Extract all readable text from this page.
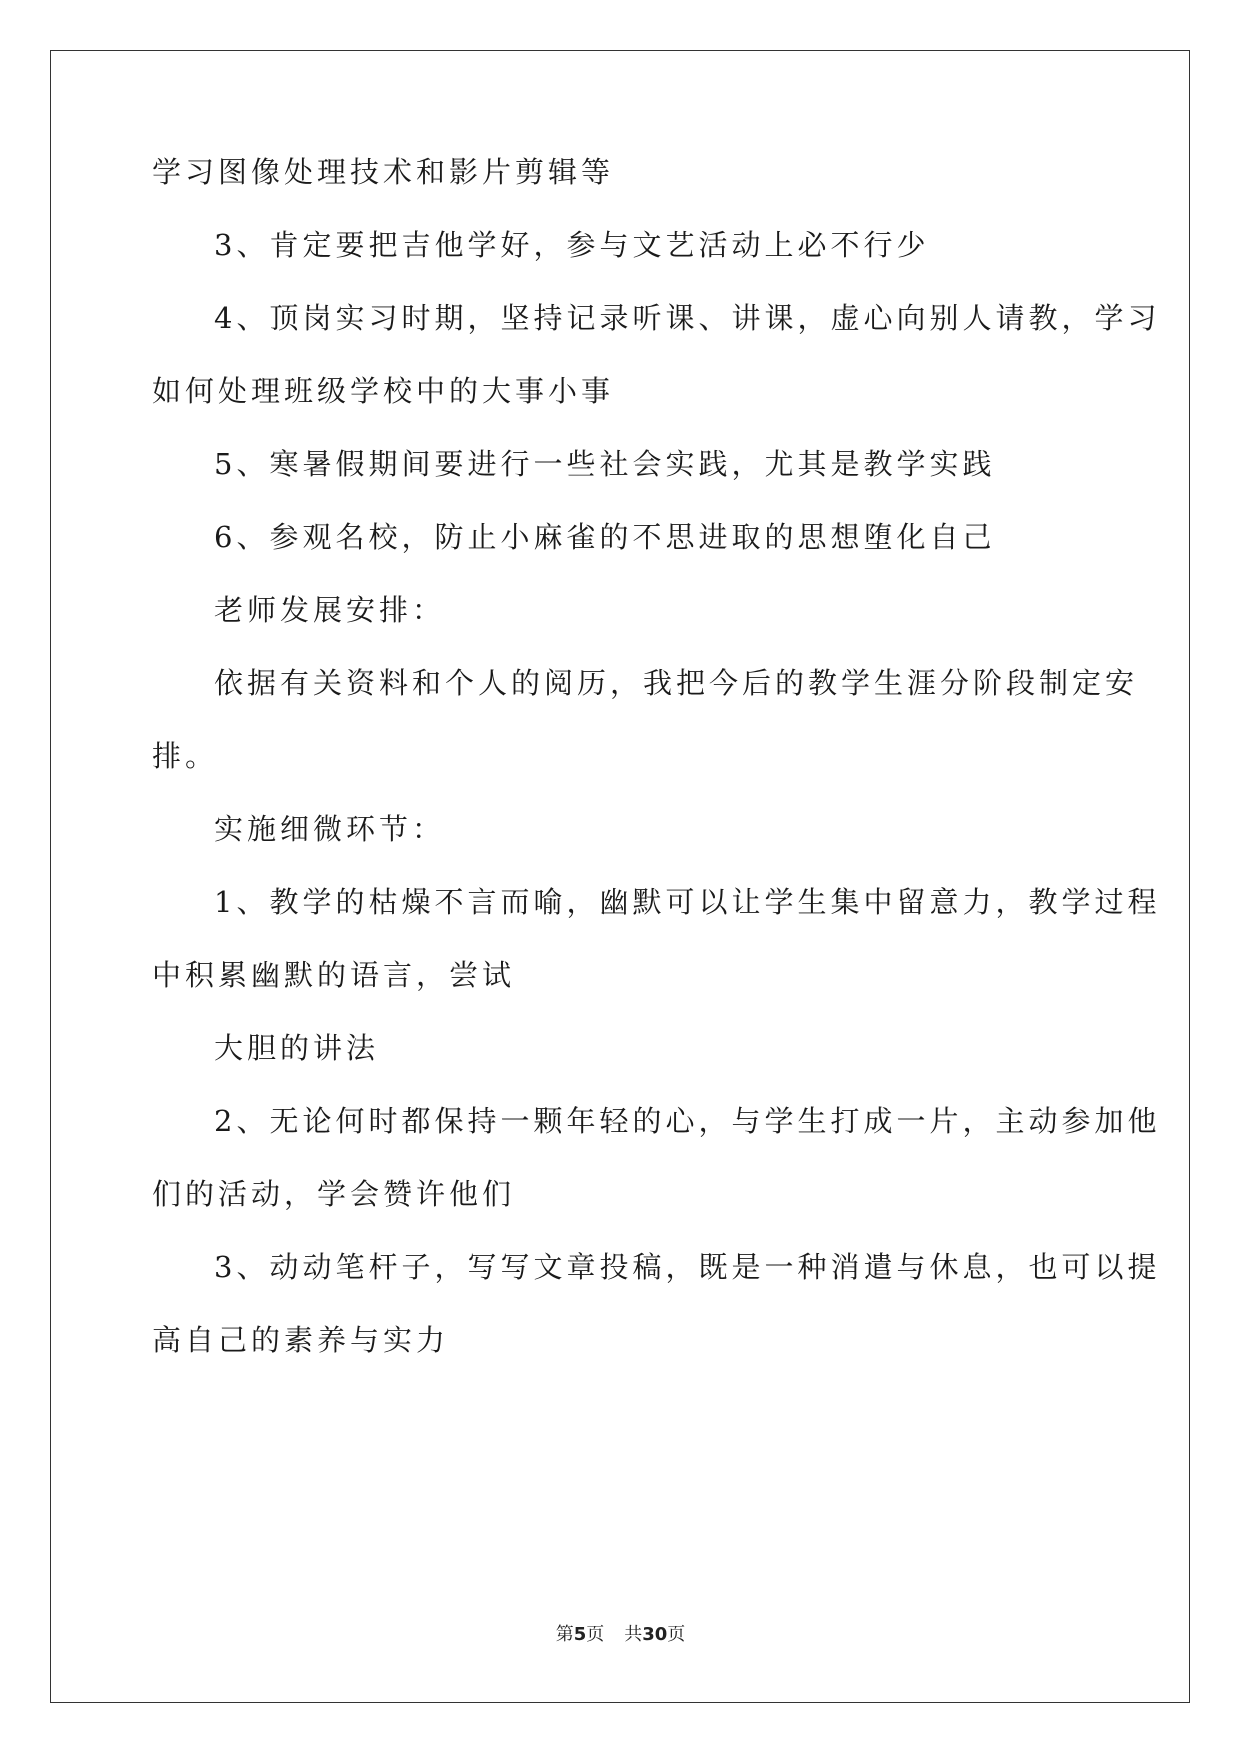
学习图像处理技术和影片剪辑等
3、肯定要把吉他学好，参与文艺活动上必不行少
4、顶岗实习时期，坚持记录听课、讲课，虚心向别人请教，学习
如何处理班级学校中的大事小事
5、寒暑假期间要进行一些社会实践，尤其是教学实践
6、参观名校，防止小麻雀的不思进取的思想堕化自己
老师发展安排：
依据有关资料和个人的阅历，我把今后的教学生涯分阶段制定安
排。
实施细微环节：
1、教学的枯燥不言而喻，幽默可以让学生集中留意力，教学过程
中积累幽默的语言，尝试
大胆的讲法
2、无论何时都保持一颗年轻的心，与学生打成一片，主动参加他
们的活动，学会赞许他们
3、动动笔杆子，写写文章投稿，既是一种消遣与休息，也可以提
高自己的素养与实力
第5页 共30页
